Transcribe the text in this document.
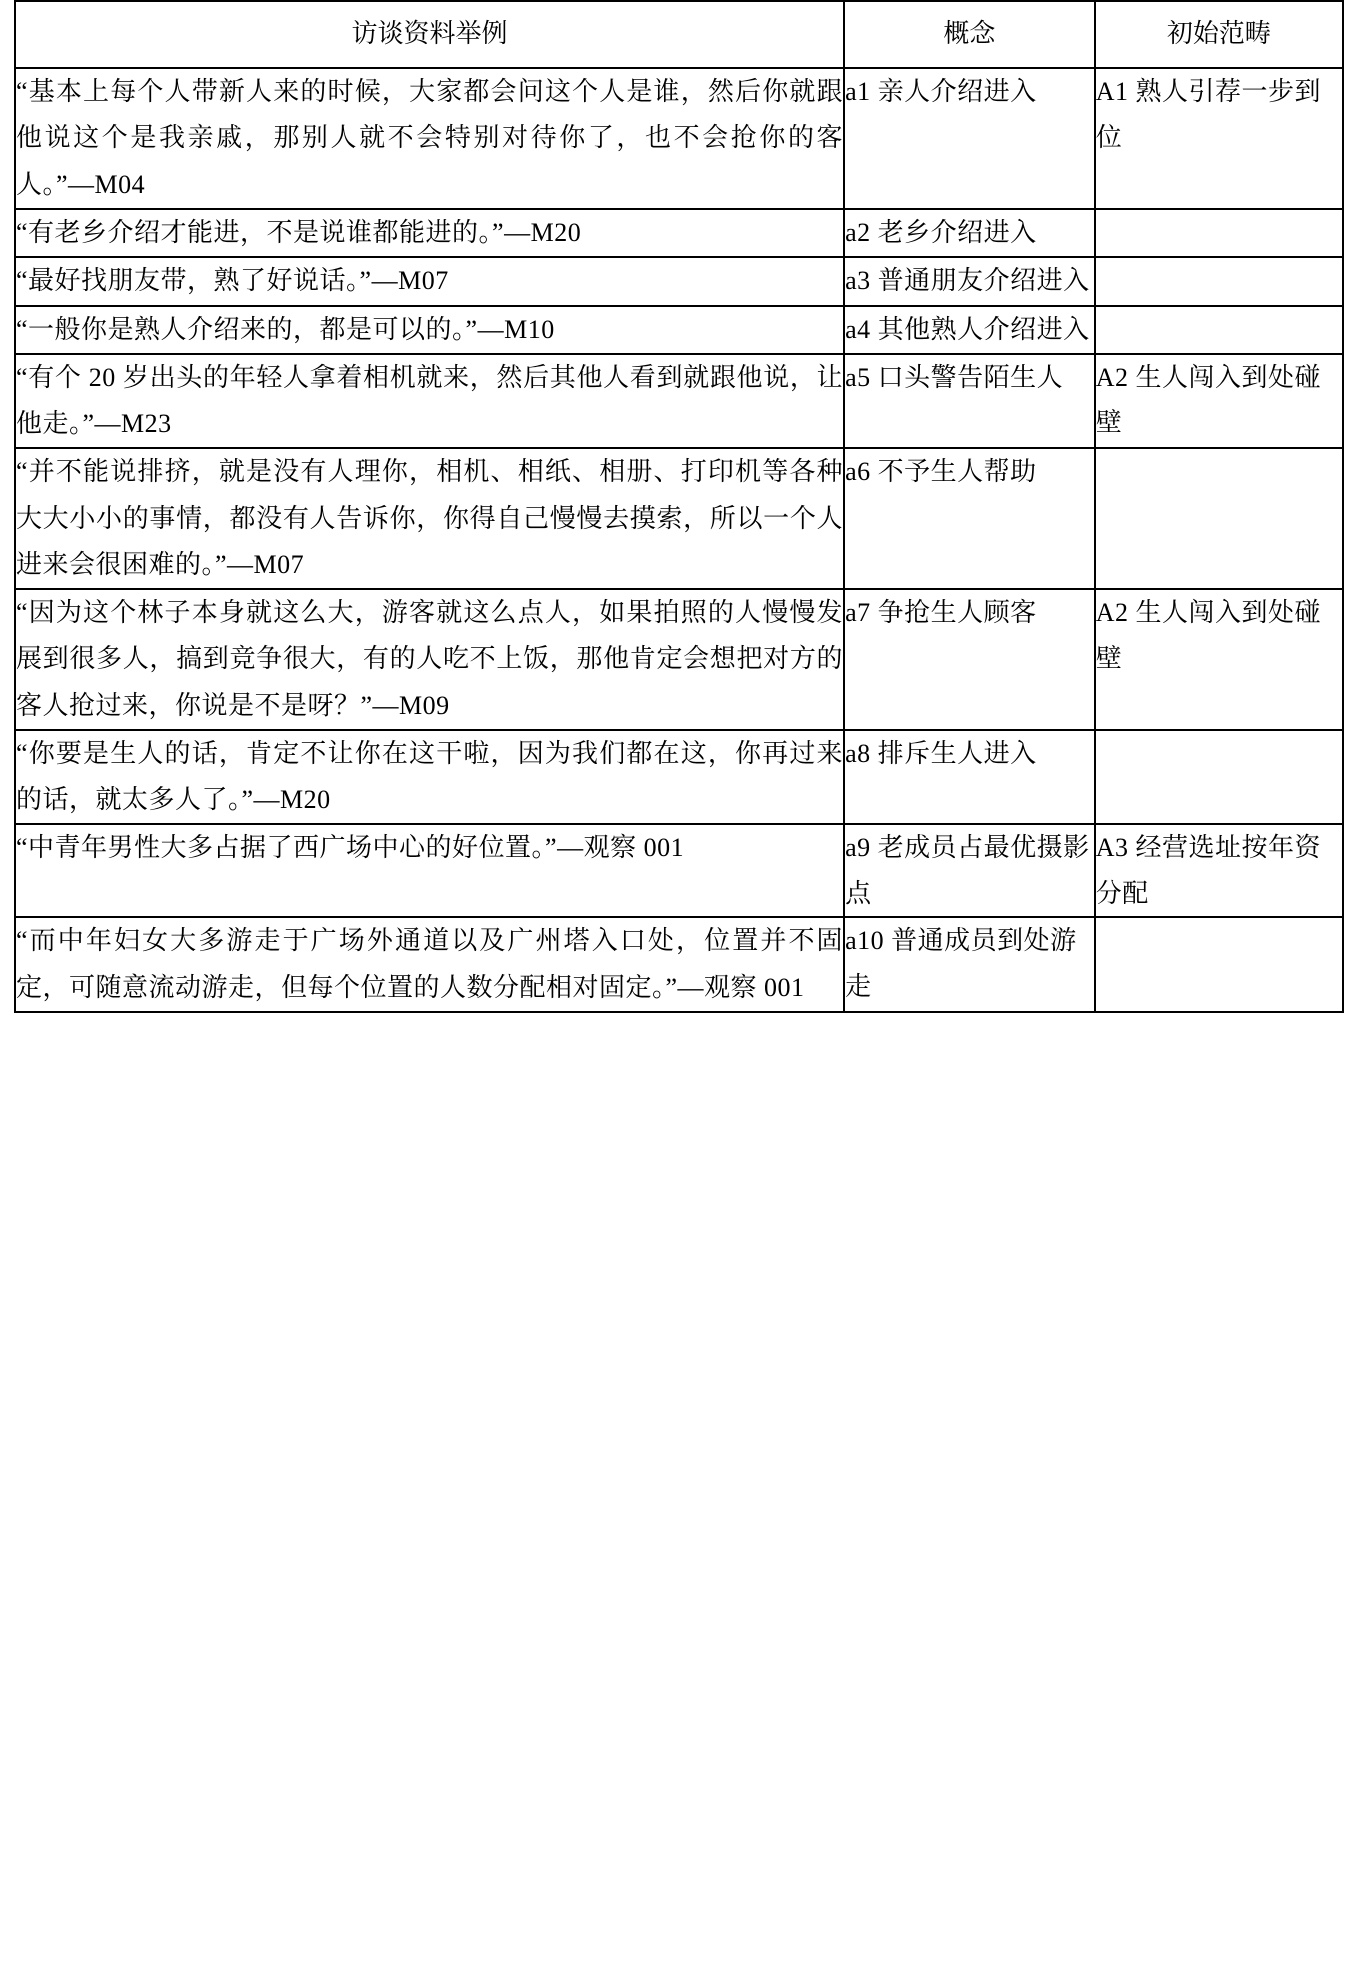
访谈资料举例	概念	初始范畴

“基本上每个人带新人来的时候，大家都会问这个人是谁，然后你就跟他说这个是我亲戚，那别人就不会特别对待你了，也不会抢你的客人。”—M04	a1 亲人介绍进入	A1 熟人引荐一步到位

“有老乡介绍才能进，不是说谁都能进的。”—M20	a2 老乡介绍进入	

“最好找朋友带，熟了好说话。”—M07	a3 普通朋友介绍进入	

“一般你是熟人介绍来的，都是可以的。”—M10	a4 其他熟人介绍进入	

“有个 20 岁出头的年轻人拿着相机就来，然后其他人看到就跟他说，让他走。”—M23	a5 口头警告陌生人	A2 生人闯入到处碰壁

“并不能说排挤，就是没有人理你，相机、相纸、相册、打印机等各种大大小小的事情，都没有人告诉你，你得自己慢慢去摸索，所以一个人进来会很困难的。”—M07	a6 不予生人帮助	

“因为这个林子本身就这么大，游客就这么点人，如果拍照的人慢慢发展到很多人，搞到竞争很大，有的人吃不上饭，那他肯定会想把对方的客人抢过来，你说是不是呀？”—M09	a7 争抢生人顾客	A2 生人闯入到处碰壁

“你要是生人的话，肯定不让你在这干啦，因为我们都在这，你再过来的话，就太多人了。”—M20	a8 排斥生人进入	

“中青年男性大多占据了西广场中心的好位置。”—观察 001	a9 老成员占最优摄影点	A3 经营选址按年资分配

“而中年妇女大多游走于广场外通道以及广州塔入口处，位置并不固定，可随意流动游走，但每个位置的人数分配相对固定。”—观察 001	a10 普通成员到处游走	
